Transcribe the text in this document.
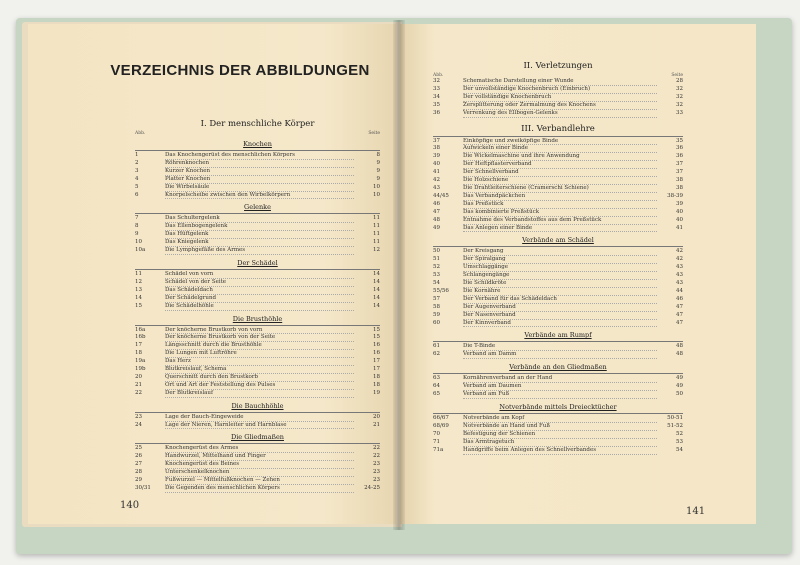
VERZEICHNIS DER ABBILDUNGEN
I. Der menschliche Körper
Abb.	Seite
Knochen
1	Das Knochengerüst des menschlichen Körpers	8
2	Röhrenknochen	9
3	Kurzer Knochen	9
4	Platter Knochen	9
5	Die Wirbelsäule	10
6	Knorpelscheibe zwischen den Wirbelkörpern	10
Gelenke
7	Das Schultergelenk	11
8	Das Ellenbogengelenk	11
9	Das Hüftgelenk	11
10	Das Kniegelenk	11
10a	Die Lymphgefäße des Armes	12
Der Schädel
11	Schädel von vorn	14
12	Schädel von der Seite	14
13	Das Schädeldach	14
14	Der Schädelgrund	14
15	Die Schädelhöhle	14
Die Brusthöhle
16a	Der knöcherne Brustkorb von vorn	15
16b	Der knöcherne Brustkorb von der Seite	15
17	Längsschnitt durch die Brusthöhle	16
18	Die Lungen mit Luftröhre	16
19a	Das Herz	17
19b	Blutkreislauf, Schema	17
20	Querschnitt durch den Brustkorb	18
21	Ort und Art der Feststellung des Pulses	18
22	Der Blutkreislauf	19
Die Bauchhöhle
23	Lage der Bauch-Eingeweide	20
24	Lage der Nieren, Harnleiter und Harnblase	21
Die Gliedmaßen
25	Knochengerüst des Armes	22
26	Handwurzel, Mittelhand und Finger	22
27	Knochengerüst des Beines	23
28	Unterschenkelknochen	23
29	Fußwurzel — Mittelfußknochen — Zehen	23
30/31	Die Gegenden des menschlichen Körpers	24-25
140
II. Verletzungen
Abb.	Seite
32	Schematische Darstellung einer Wunde	28
33	Der unvollständige Knochenbruch (Einbruch)	32
34	Der vollständige Knochenbruch	32
35	Zersplitterung oder Zermalmung des Knochens	32
36	Verrenkung des Ellbogen-Gelenks	33
III. Verbandlehre
37	Einköpfige und zweiköpfige Binde	35
38	Aufwickeln einer Binde	36
39	Die Wickelmaschine und ihre Anwendung	36
40	Der Heftpflasterverband	37
41	Der Schnellverband	37
42	Die Holzschiene	38
43	Die Drahtleiterschiene (Cramerschi Schiene)	38
44/45	Das Verbandpäckchen	38-39
46	Das Preßstück	39
47	Das kombinierte Preßstück	40
48	Entnahme des Verbandstoffes aus dem Preßstück	40
49	Das Anlegen einer Binde	41
Verbände am Schädel
50	Der Kreisgang	42
51	Der Spiralgang	42
52	Umschlaggänge	43
53	Schlangengänge	43
54	Die Schildkröte	43
55/56	Die Kornähre	44
57	Der Verband für das Schädeldach	46
58	Der Augenverband	47
59	Der Nasenverband	47
60	Der Kinnverband	47
Verbände am Rumpf
61	Die T-Binde	48
62	Verband am Damm	48
Verbände an den Gliedmaßen
63	Kornährenverband an der Hand	49
64	Verband am Daumen	49
65	Verband am Fuß	50
Notverbände mittels Dreiecktücher
66/67	Notverbände am Kopf	50-51
68/69	Notverbände an Hand und Fuß	51-52
70	Befestigung der Schienen	52
71	Das Armtragetuch	53
71a	Handgriffe beim Anlegen des Schnellverbandes	54
141
